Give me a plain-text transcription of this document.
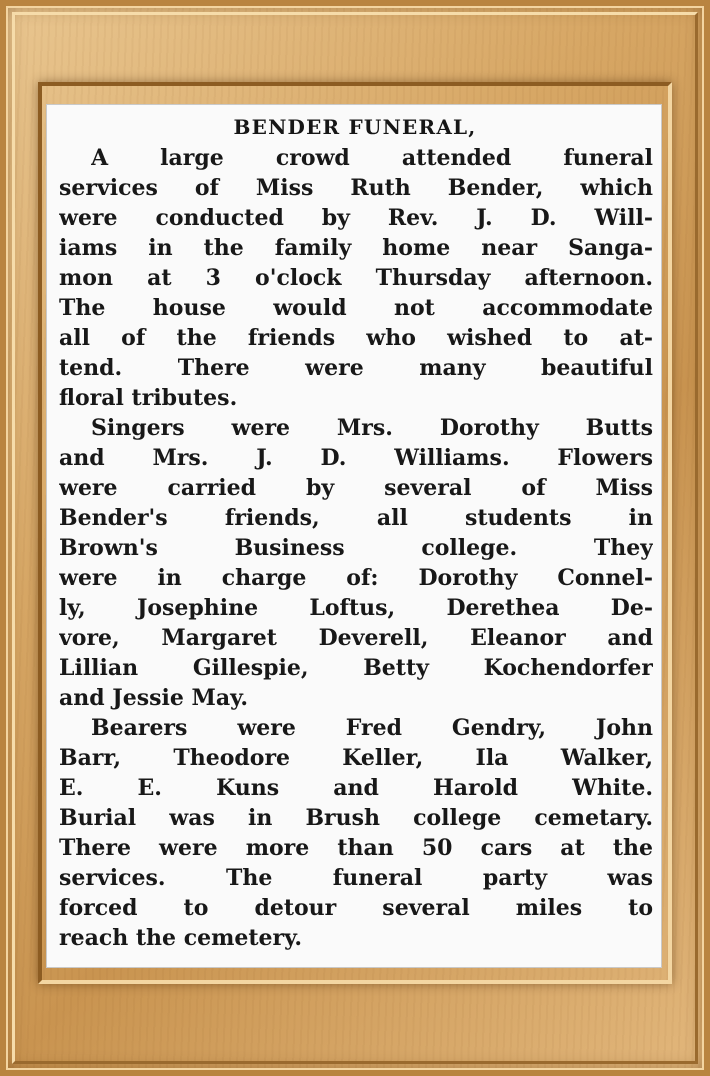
BENDER FUNERAL,

A large crowd attended funeral

services of Miss Ruth Bender, which

were conducted by Rev. J. D. Will-

iams in the family home near Sanga-

mon at 3 o'clock Thursday afternoon.

The house would not accommodate

all of the friends who wished to at-

tend. There were many beautiful

floral tributes.

Singers were Mrs. Dorothy Butts

and Mrs. J. D. Williams. Flowers

were carried by several of Miss

Bender's friends, all students in

Brown's Business college. They

were in charge of: Dorothy Connel-

ly, Josephine Loftus, Derethea De-

vore, Margaret Deverell, Eleanor and

Lillian Gillespie, Betty Kochendorfer

and Jessie May.

Bearers were Fred Gendry, John

Barr, Theodore Keller, Ila Walker,

E. E. Kuns and Harold White.

Burial was in Brush college cemetary.

There were more than 50 cars at the

services. The funeral party was

forced to detour several miles to

reach the cemetery.
